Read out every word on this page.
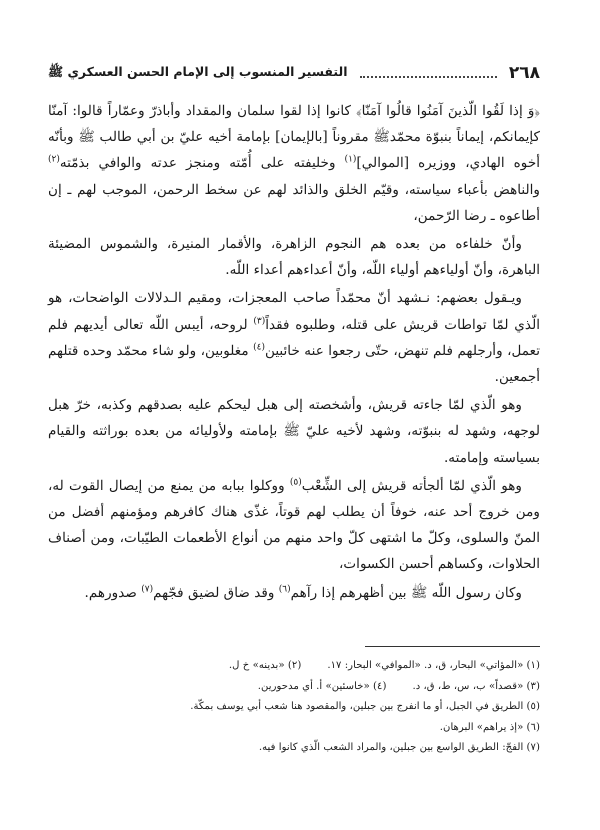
٢٦٨
التفسير المنسوب إلى الإمام الحسن العسكري ﷺ

﴿وَ إذا لَقُوا الّذينَ آمَنُوا قالُوا آمَنّا﴾ كانوا إذا لقوا سلمان والمقداد وأباذرّ وعمّاراً قالوا: آمنّا كإيمانكم، إيماناً بنبوّة محمّدﷺ مقروناً [بالإيمان] بإمامة أخيه عليّ بن أبي طالب ﷺ وبأنّه أخوه الهادي، ووزيره [الموالي]$^{(١)}$ وخليفته على أُمّته ومنجز عدته والوافي بذمّته$^{(٢)}$ والناهض بأعباء سياسته، وقيّم الخلق والذائد لهم عن سخط الرحمن، الموجب لهم ـ إن أطاعوه ـ رضا الرّحمن،

وأنّ خلفاءه من بعده هم النجوم الزاهرة، والأقمار المنيرة، والشموس المضيئة الباهرة، وأنّ أولياءهم أولياء اللّه، وأنّ أعداءهم أعداء اللّه.

ويـقول بعضهم: نـشهد أنّ محمّداً صاحب المعجزات، ومقيم الـدلالات الواضحات، هو الّذي لمّا تواطات قريش على قتله، وطلبوه فقداً$^{(٣)}$ لروحه، أيبس اللّه تعالى أيديهم فلم تعمل، وأرجلهم فلم تنهض، حتّى رجعوا عنه خائبين$^{(٤)}$ مغلوبين، ولو شاء محمّد وحده قتلهم أجمعين.

وهو الّذي لمّا جاءته قريش، وأشخصته إلى هبل ليحكم عليه بصدقهم وكذبه، خرّ هبل لوجهه، وشهد له بنبوّته، وشهد لأخيه عليّ ﷺ بإمامته ولأوليائه من بعده بوراثته والقيام بسياسته وإمامته.

وهو الّذي لمّا ألجأته قريش إلى الشِّعْب$^{(٥)}$ ووكلوا ببابه من يمنع من إيصال القوت له، ومن خروج أحد عنه، خوفاً أن يطلب لهم قوتاً، غذّى هناك كافرهم ومؤمنهم أفضل من المنّ والسلوى، وكلّ ما اشتهى كلّ واحد منهم من أنواع الأطعمات الطيّبات، ومن أصناف الحلاوات، وكساهم أحسن الكسوات،

وكان رسول اللّه ﷺ بين أظهرهم إذا رآهم$^{(٦)}$ وقد ضاق لضيق فجّهم$^{(٧)}$ صدورهم.

(١) «المؤاتي» البحار، ق، د. «الموافي» البحار: ١٧.
(٢) «بدينه» خ ل.
(٣) «قصداً» ب، س، ط، ق، د.
(٤) «خاسئين» أ. أي مدحورين.
(٥) الطريق في الجبل، أو ما انفرج بين جبلين، والمقصود هنا شعب أبي يوسف بمكّة.
(٦) «إذ يراهم» البرهان.
(٧) الفجّ: الطريق الواسع بين جبلين، والمراد الشعب الّذي كانوا فيه.
